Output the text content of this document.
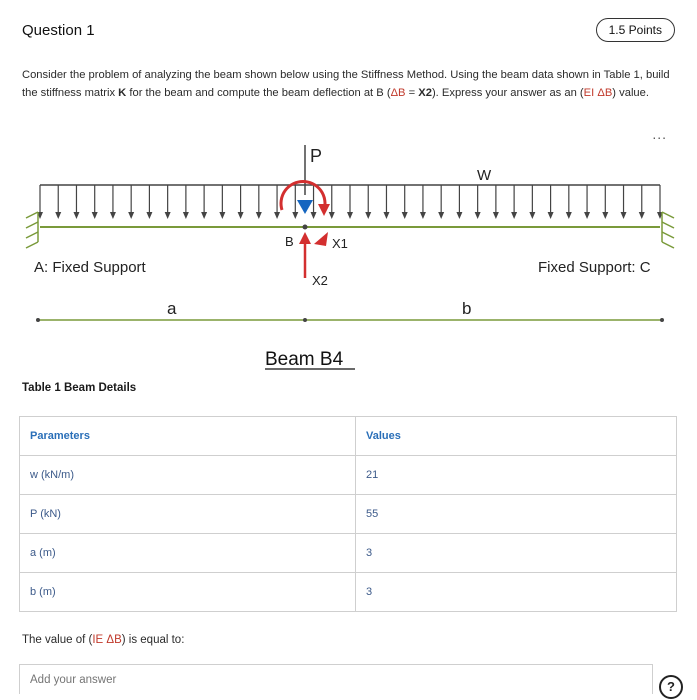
Question 1	1.5 Points
Consider the problem of analyzing the beam shown below using the Stiffness Method. Using the beam data shown in Table 1, build the stiffness matrix K for the beam and compute the beam deflection at B (ΔB = X2). Express your answer as an (EI ΔB) value.
...
P
W
B
X2
X1
A: Fixed Support	Fixed Support: C
a	b
Beam B4
Table 1 Beam Details
Parameters	Values
w (kN/m)	21
P (kN)	55
a (m)	3
b (m)	3
The value of (IE ΔB) is equal to:
Add your answer
?
